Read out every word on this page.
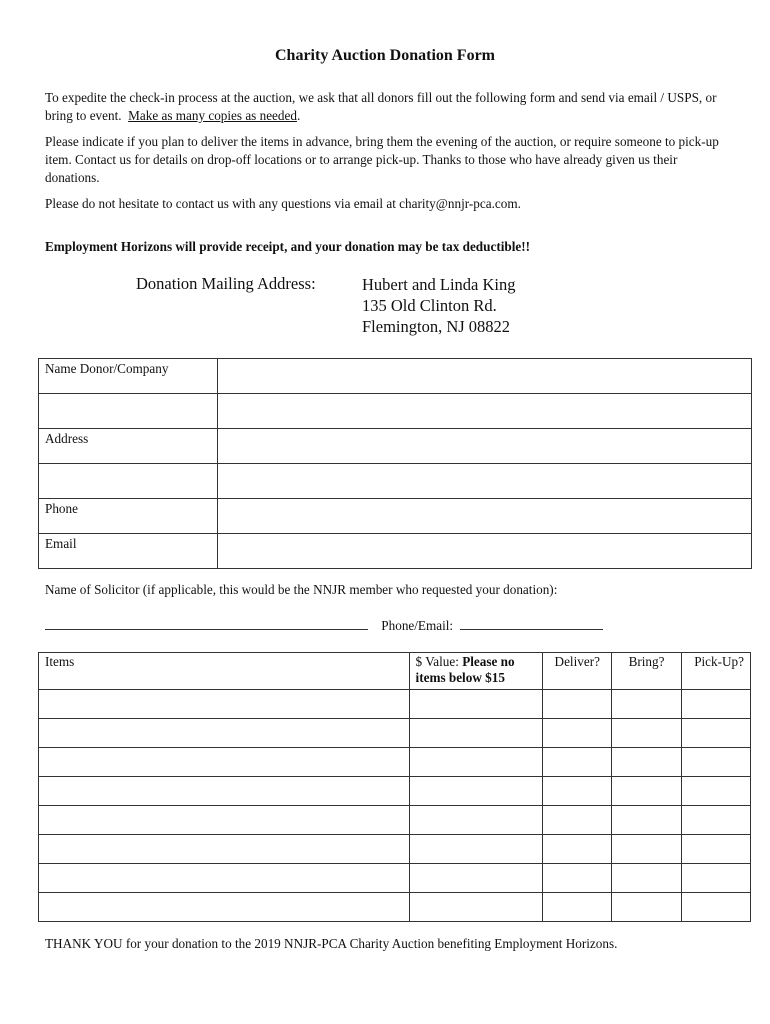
Charity Auction Donation Form
To expedite the check-in process at the auction, we ask that all donors fill out the following form and send via email / USPS, or bring to event. Make as many copies as needed.
Please indicate if you plan to deliver the items in advance, bring them the evening of the auction, or require someone to pick-up item. Contact us for details on drop-off locations or to arrange pick-up. Thanks to those who have already given us their donations.
Please do not hesitate to contact us with any questions via email at charity@nnjr-pca.com.
Employment Horizons will provide receipt, and your donation may be tax deductible!!
Donation Mailing Address:	Hubert and Linda King
135 Old Clinton Rd.
Flemington, NJ 08822
Name Donor/Company	

Address	

Phone	
Email	
Name of Solicitor (if applicable, this would be the NNJR member who requested your donation):
Phone/Email:
Items	$ Value: Please no items below $15	Deliver?	Bring?	Pick-Up?

THANK YOU for your donation to the 2019 NNJR-PCA Charity Auction benefiting Employment Horizons.
